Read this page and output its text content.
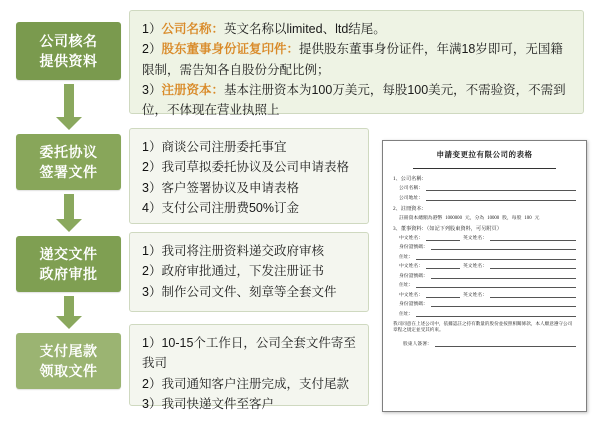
公司核名
提供资料
委托协议
签署文件
递交文件
政府审批
支付尾款
领取文件
1）公司名称：英文名称以limited、ltd结尾。
2）股东董事身份证复印件：提供股东董事身份证件，年满18岁即可，无国籍限制，需告知各自股份分配比例；
3）注册资本：基本注册资本为100万美元，每股100美元，不需验资，不需到位，不体现在营业执照上
1）商谈公司注册委托事宜
2）我司草拟委托协议及公司申请表格
3）客户签署协议及申请表格
4）支付公司注册费50%订金
1）我司将注册资料递交政府审核
2）政府审批通过，下发注册证书
3）制作公司文件、刻章等全套文件
1）10-15个工作日，公司全套文件寄至我司
2）我司通知客户注册完成，支付尾款
3）我司快递文件至客户
申請变更拉有限公司的表格
1、公司名稱：
公司名稱：
公司地址：
2、註冊資本：
註冊資本總額為港幣 1000000 元，分為 10000 股，每股 100 元
3、董事資料：（如記下列股東資料，可另附頁）
中文姓名：	英文姓名：
身份證號碼：
住址：
中文姓名：	英文姓名：
身份證號碼：
住址：
中文姓名：	英文姓名：
身份證號碼：
住址：
我司同意在上述公司中，依據認註之持有數量的股份並按照相關條款，本人願意遵守公司章程之規定並受其約束。
股東人簽署：
